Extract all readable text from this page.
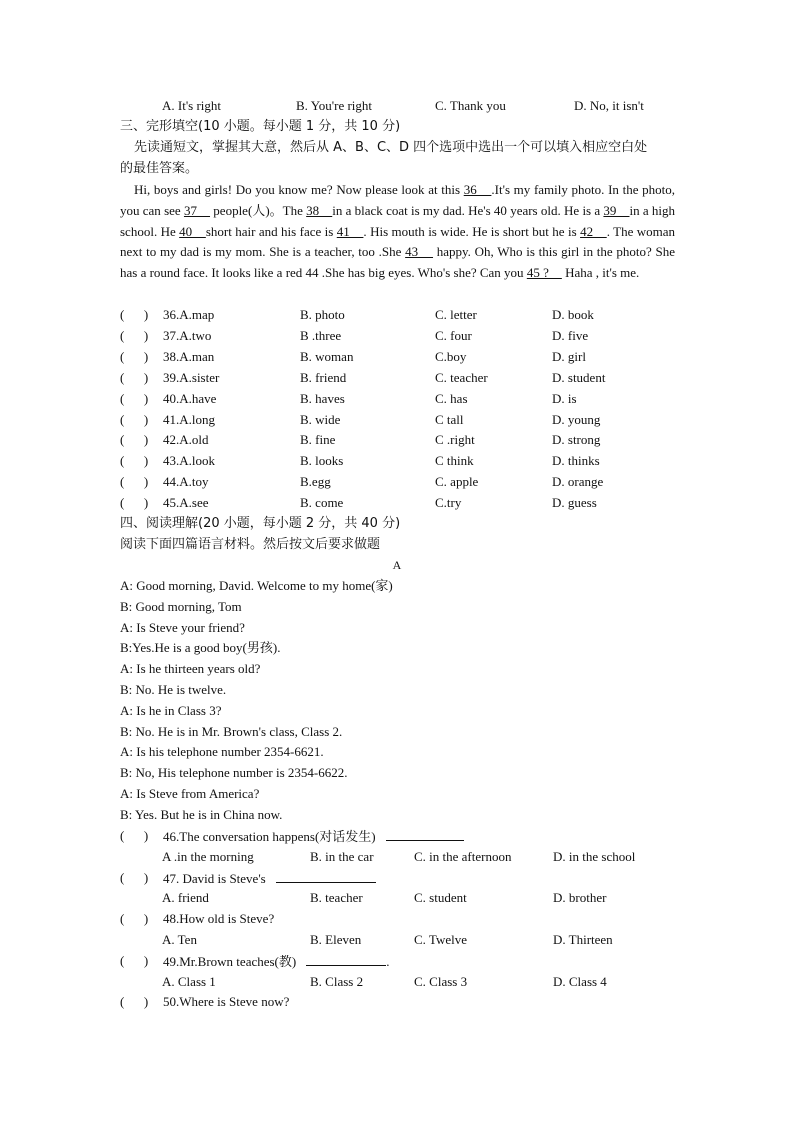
A. It's right	B. You're right	C. Thank you	D. No, it isn't
三、完形填空(10 小题。每小题 1 分，共 10 分)
先读通短文，掌握其大意，然后从 A、B、C、D 四个选项中选出一个可以填入相应空白处
的最佳答案。
Hi, boys and girls! Do you know me? Now please look at this 36    .It's my family photo. In the photo, you can see 37     people(人)。The 38    in a black coat is my dad. He's 40 years old. He is a 39    in a high school. He 40    short hair and his face is 41    . His mouth is wide. He is short but he is 42    . The woman next to my dad is my mom. She is a teacher, too .She 43     happy. Oh, Who is this girl in the photo? She has a round face. It looks like a red 44 .She has big eyes. Who's she? Can you 45 ?     Haha , it's me.
(      ) 36.A.map	B. photo	C. letter	D. book
(      ) 37.A.two	B .three	C. four	D. five
(      ) 38.A.man	B. woman	C.boy	D. girl
(      ) 39.A.sister	B. friend	C. teacher	D. student
(      ) 40.A.have	B. haves	C. has	D. is
(      ) 41.A.long	B. wide	C tall	D. young
(      ) 42.A.old	B. fine	C .right	D. strong
(      ) 43.A.look	B. looks	C think	D. thinks
(      ) 44.A.toy	B.egg	C. apple	D. orange
(      ) 45.A.see	B. come	C.try	D. guess
四、阅读理解(20 小题，每小题 2 分，共 40 分)
阅读下面四篇语言材料。然后按文后要求做题
A
A: Good morning, David. Welcome to my home(家)
B: Good morning, Tom
A: Is Steve your friend?
B:Yes.He is a good boy(男孩).
A: Is he thirteen years old?
B: No. He is twelve.
A: Is he in Class 3?
B: No. He is in Mr. Brown's class, Class 2.
A: Is his telephone number 2354-6621.
B: No, His telephone number is 2354-6622.
A: Is Steve from America?
B: Yes. But he is in China now.
(      ) 46.The conversation happens(对话发生)
A .in the morning	B. in the car	C. in the afternoon	D. in the school
(      ) 47. David is Steve's
A. friend	B. teacher	C. student	D. brother
(      ) 48.How old is Steve?
A. Ten	B. Eleven	C. Twelve	D. Thirteen
(      ) 49.Mr.Brown teaches(教)	.
A. Class 1	B. Class 2	C. Class 3	D. Class 4
(      ) 50.Where is Steve now?
